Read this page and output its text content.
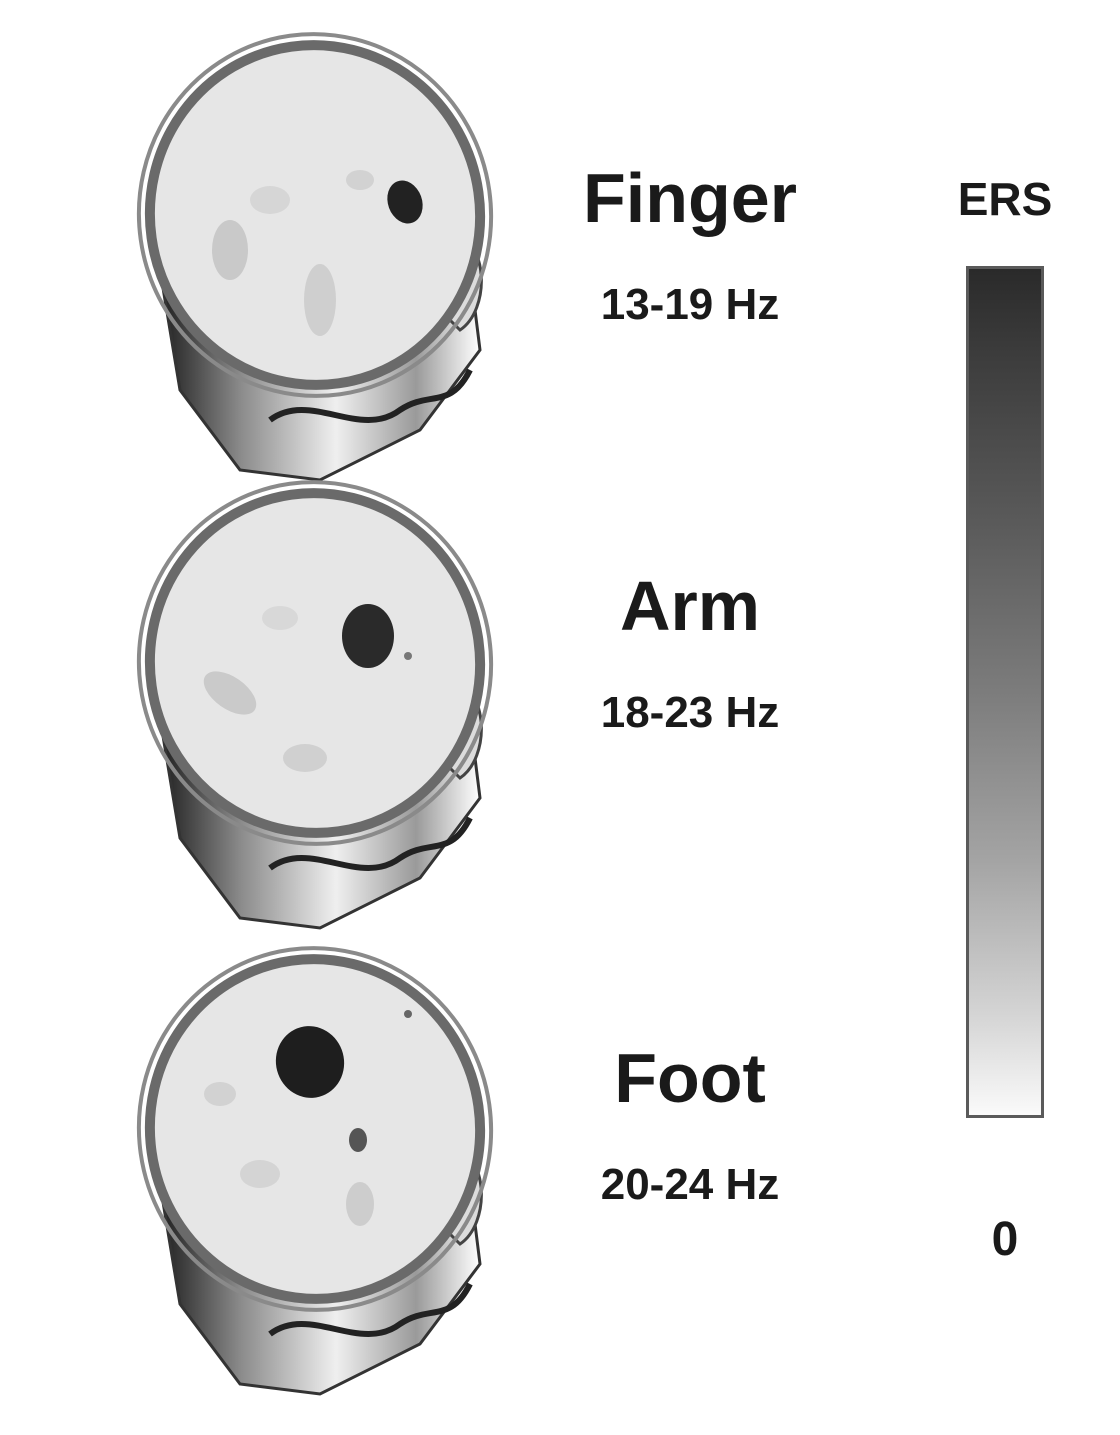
Finger
13-19 Hz
Arm
18-23 Hz
Foot
20-24 Hz
ERS
0
